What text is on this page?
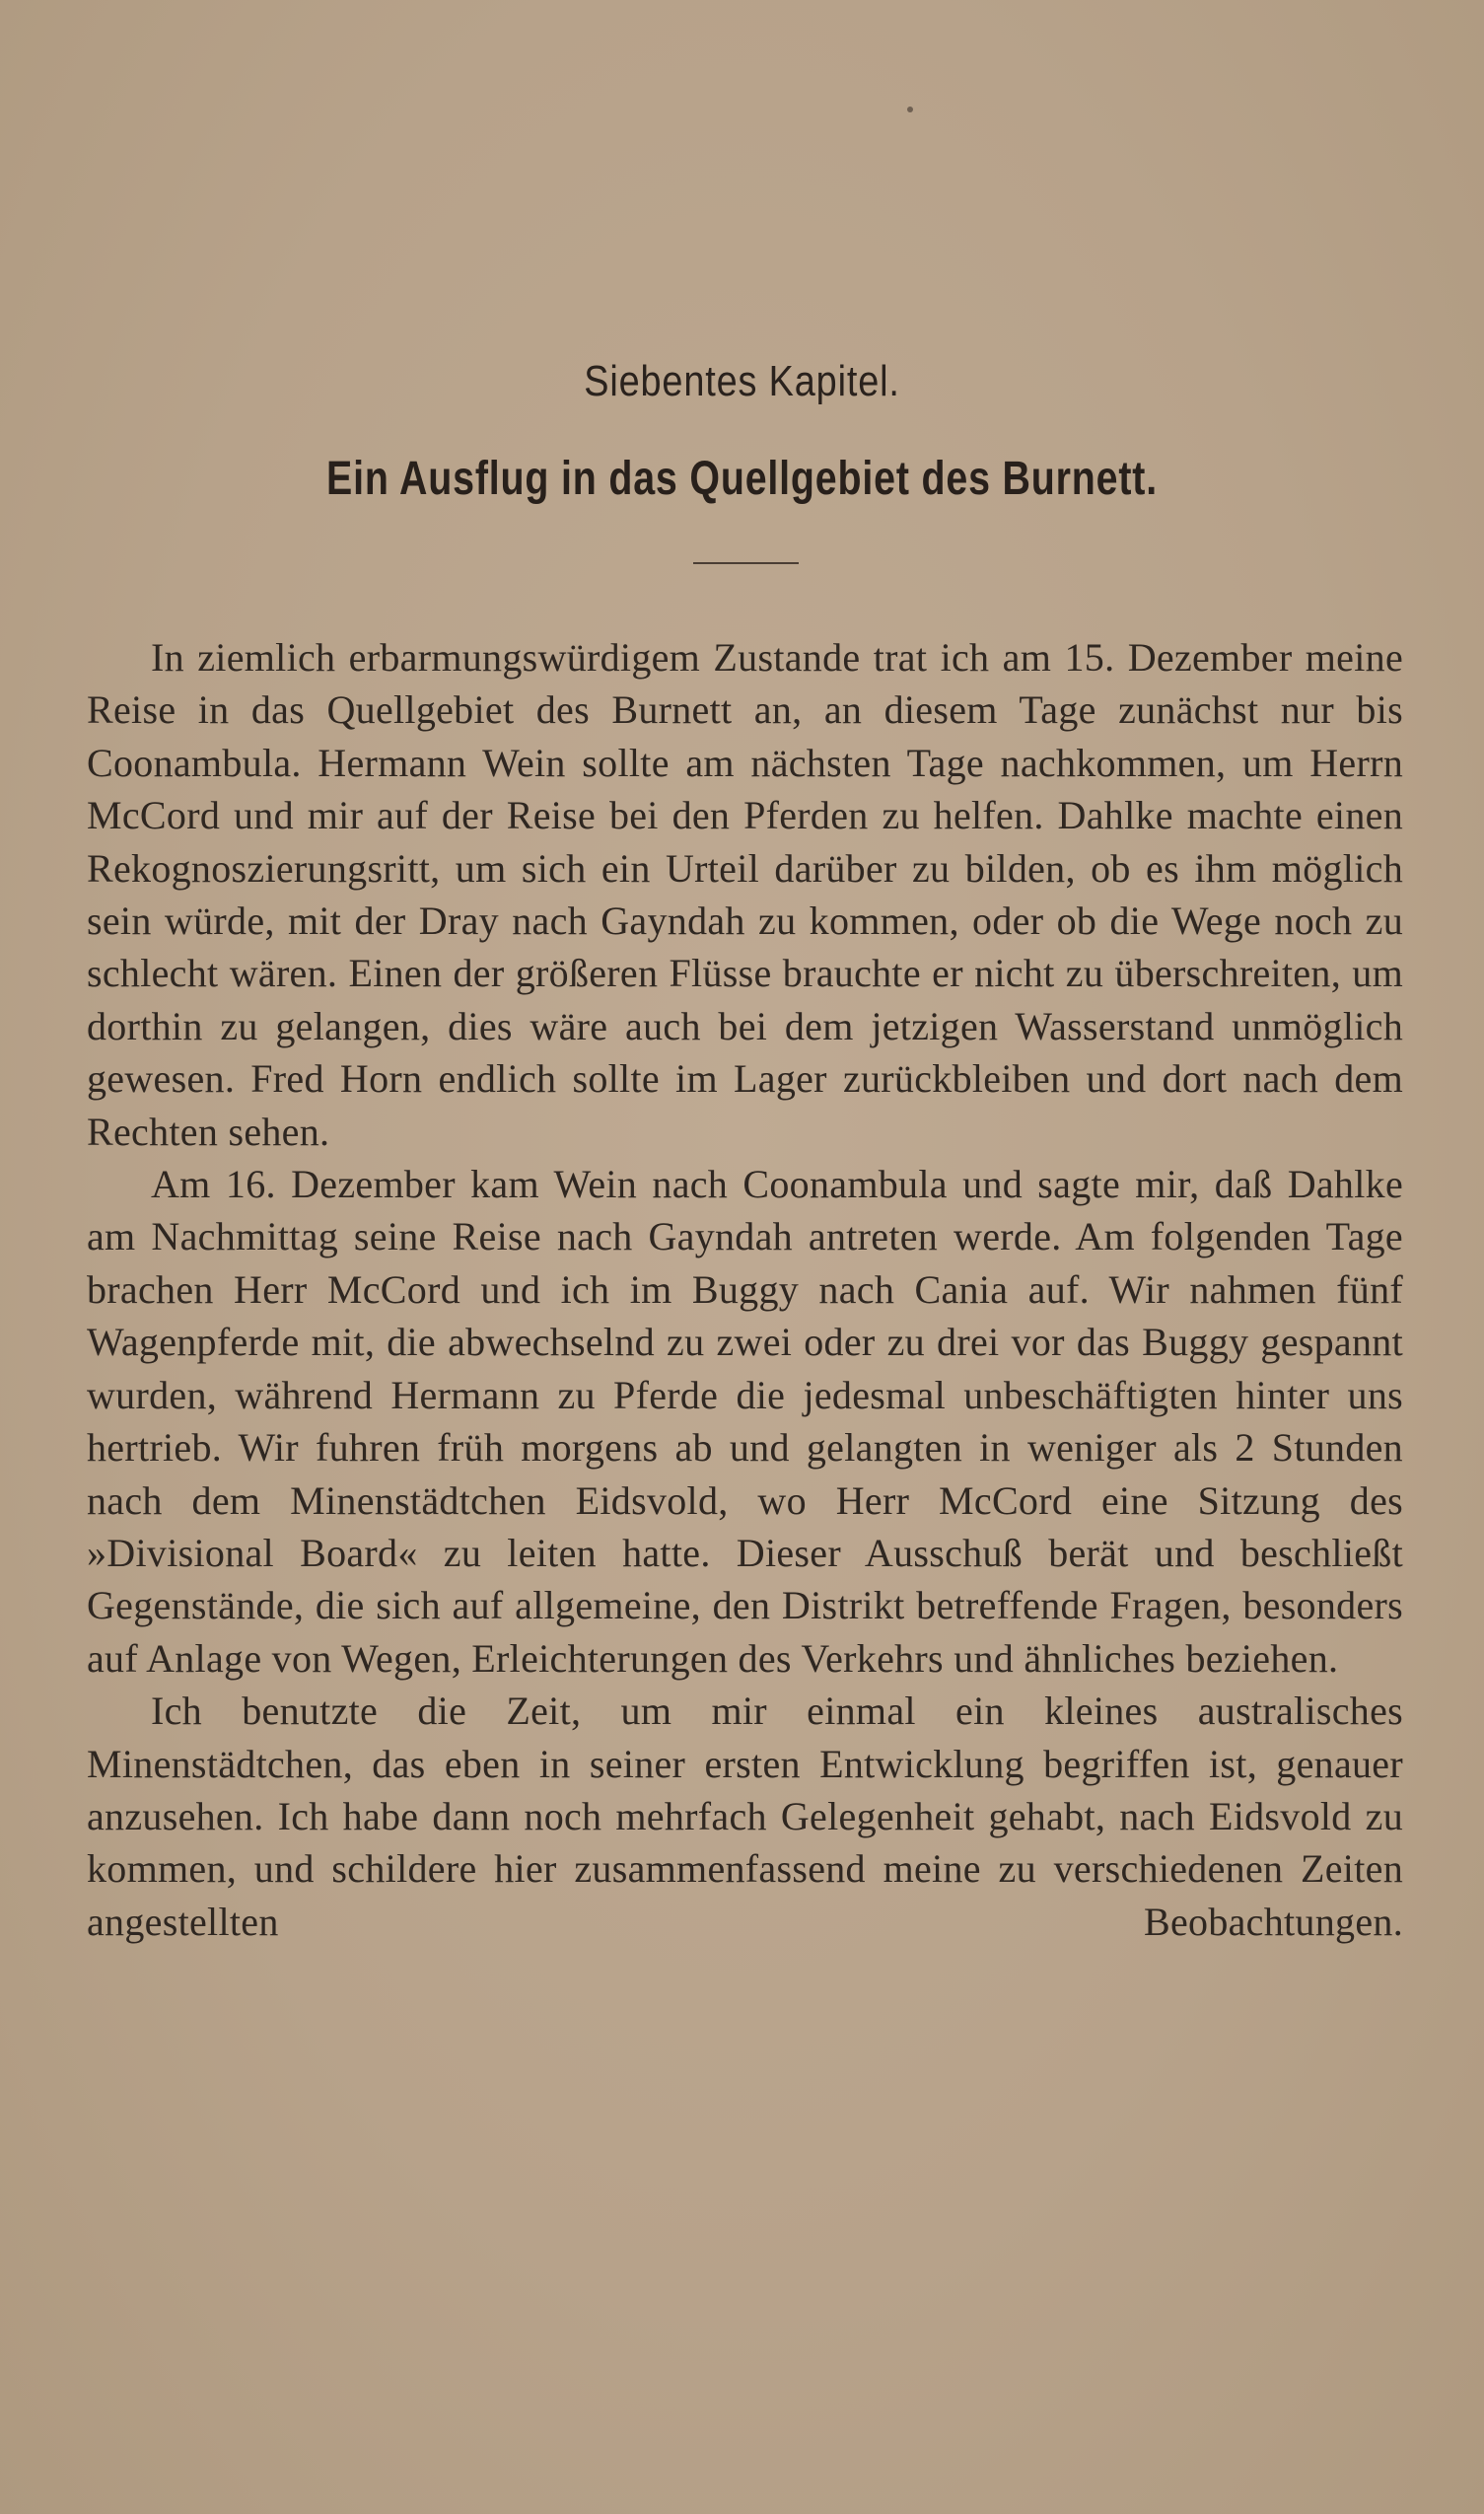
Siebentes Kapitel.
Ein Ausflug in das Quellgebiet des Burnett.

In ziemlich erbarmungswürdigem Zustande trat ich am 15. Dezember meine Reise in das Quellgebiet des Burnett an, an diesem Tage zunächst nur bis Coonambula. Hermann Wein sollte am nächsten Tage nachkommen, um Herrn McCord und mir auf der Reise bei den Pferden zu helfen. Dahlke machte einen Rekognoszierungsritt, um sich ein Urteil darüber zu bilden, ob es ihm möglich sein würde, mit der Dray nach Gayndah zu kommen, oder ob die Wege noch zu schlecht wären. Einen der größeren Flüsse brauchte er nicht zu überschreiten, um dorthin zu gelangen, dies wäre auch bei dem jetzigen Wasserstand unmöglich gewesen. Fred Horn endlich sollte im Lager zurückbleiben und dort nach dem Rechten sehen.

Am 16. Dezember kam Wein nach Coonambula und sagte mir, daß Dahlke am Nachmittag seine Reise nach Gayndah antreten werde. Am folgenden Tage brachen Herr McCord und ich im Buggy nach Cania auf. Wir nahmen fünf Wagenpferde mit, die abwechselnd zu zwei oder zu drei vor das Buggy gespannt wurden, während Hermann zu Pferde die jedesmal unbeschäftigten hinter uns hertrieb. Wir fuhren früh morgens ab und gelangten in weniger als 2 Stunden nach dem Minenstädtchen Eidsvold, wo Herr McCord eine Sitzung des »Divisional Board« zu leiten hatte. Dieser Ausschuß berät und beschließt Gegenstände, die sich auf allgemeine, den Distrikt betreffende Fragen, besonders auf Anlage von Wegen, Erleichterungen des Verkehrs und ähnliches beziehen.

Ich benutzte die Zeit, um mir einmal ein kleines australisches Minenstädtchen, das eben in seiner ersten Entwicklung begriffen ist, genauer anzusehen. Ich habe dann noch mehrfach Gelegenheit gehabt, nach Eidsvold zu kommen, und schildere hier zusammenfassend meine zu verschiedenen Zeiten angestellten Beobachtungen.
